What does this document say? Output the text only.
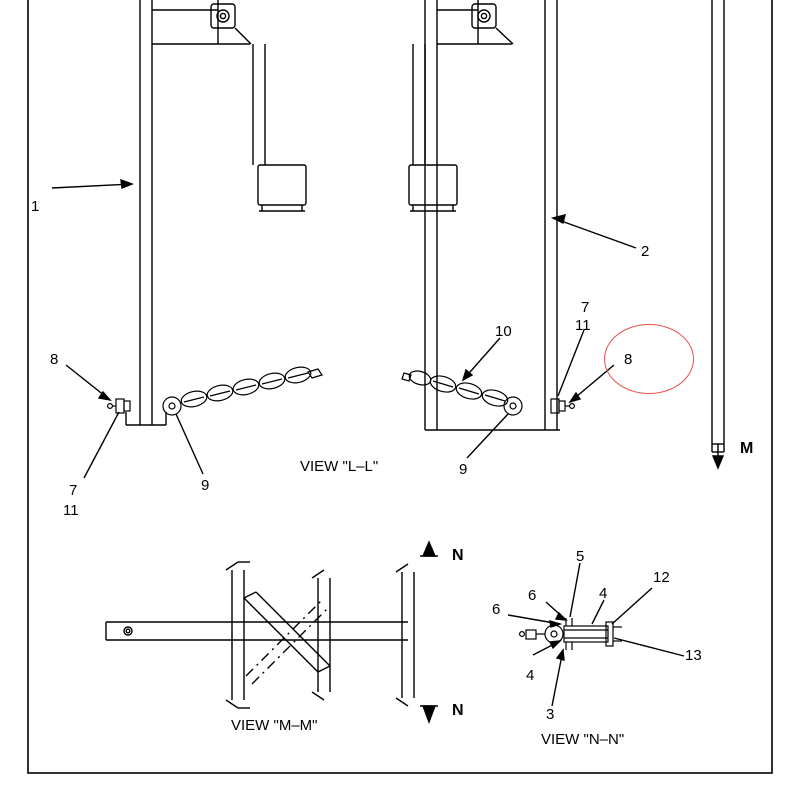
1
2
8
7
11
9
10
7
11
9
5
6
6
4
4
12
13
3
VIEW "L–L"
VIEW "M–M"
VIEW "N–N"
M
N
N
8
